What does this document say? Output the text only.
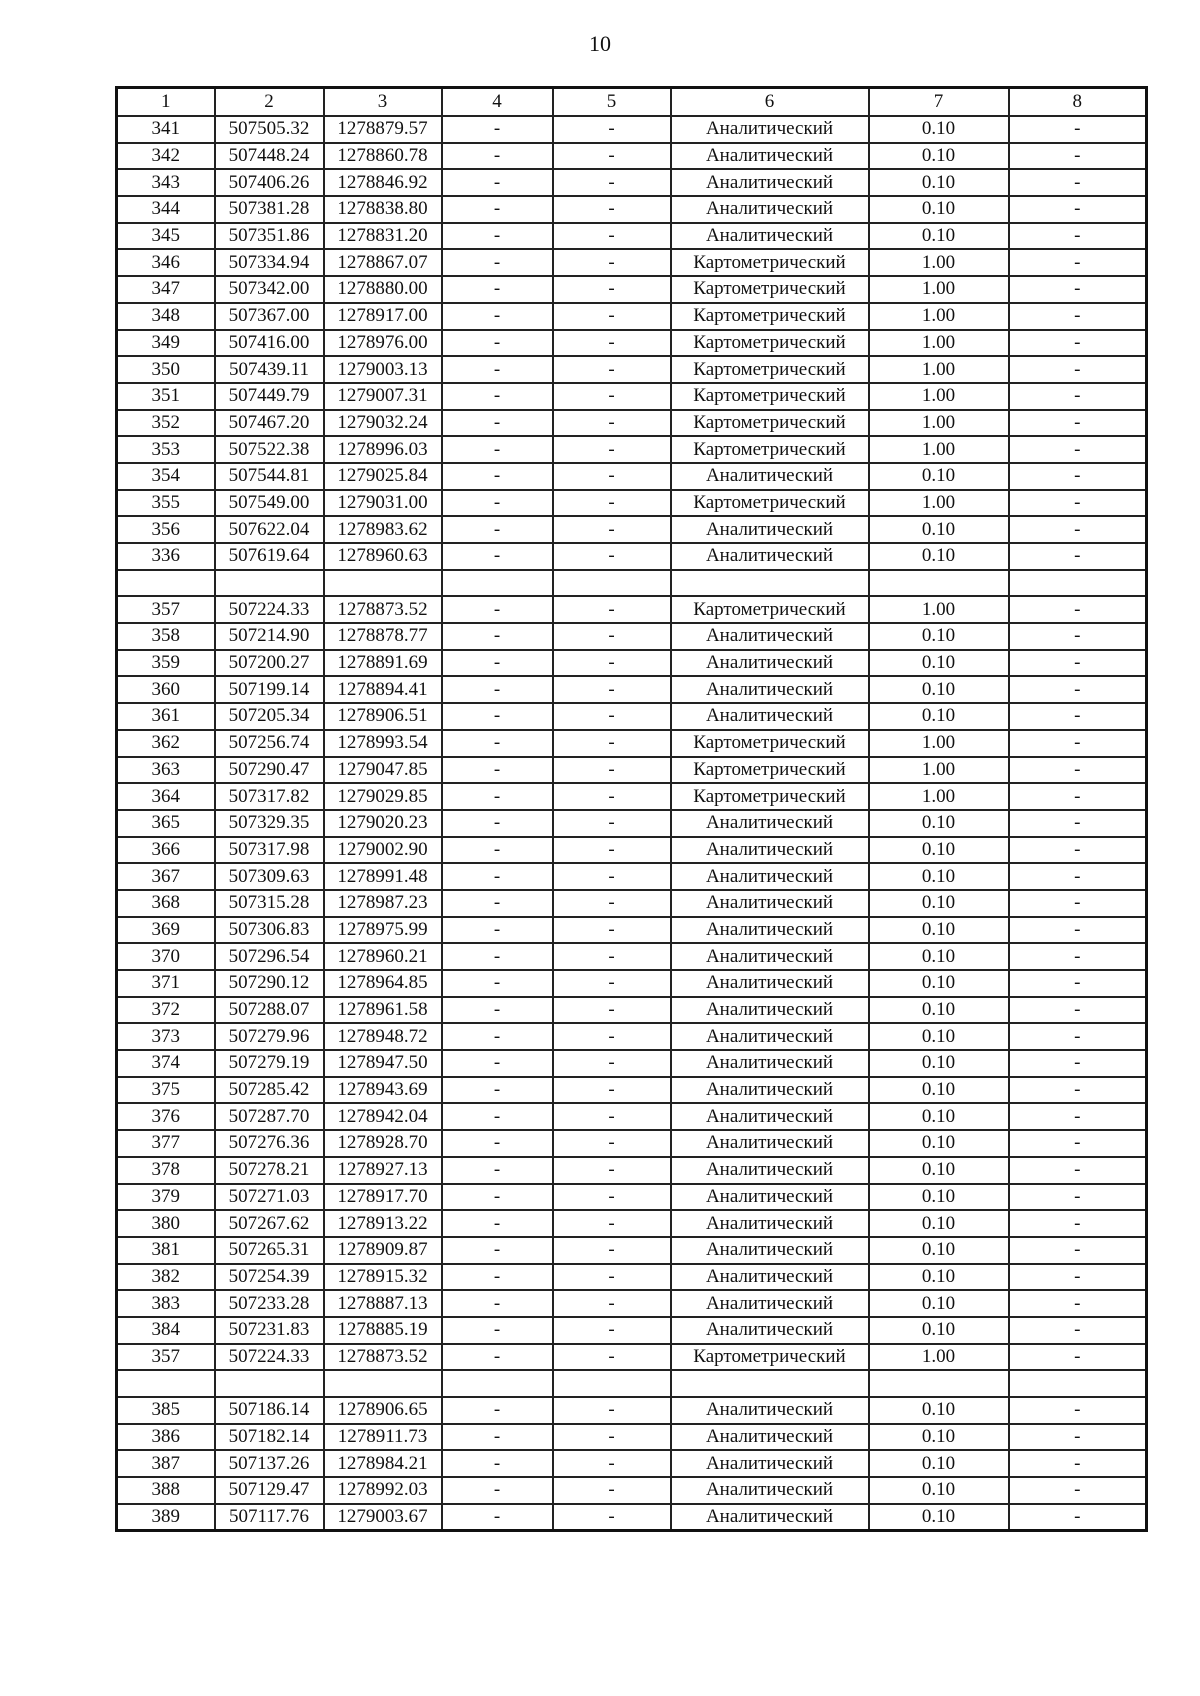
10
1	2	3	4	5	6	7	8
341	507505.32	1278879.57	-	-	Аналитический	0.10	-
342	507448.24	1278860.78	-	-	Аналитический	0.10	-
343	507406.26	1278846.92	-	-	Аналитический	0.10	-
344	507381.28	1278838.80	-	-	Аналитический	0.10	-
345	507351.86	1278831.20	-	-	Аналитический	0.10	-
346	507334.94	1278867.07	-	-	Картометрический	1.00	-
347	507342.00	1278880.00	-	-	Картометрический	1.00	-
348	507367.00	1278917.00	-	-	Картометрический	1.00	-
349	507416.00	1278976.00	-	-	Картометрический	1.00	-
350	507439.11	1279003.13	-	-	Картометрический	1.00	-
351	507449.79	1279007.31	-	-	Картометрический	1.00	-
352	507467.20	1279032.24	-	-	Картометрический	1.00	-
353	507522.38	1278996.03	-	-	Картометрический	1.00	-
354	507544.81	1279025.84	-	-	Аналитический	0.10	-
355	507549.00	1279031.00	-	-	Картометрический	1.00	-
356	507622.04	1278983.62	-	-	Аналитический	0.10	-
336	507619.64	1278960.63	-	-	Аналитический	0.10	-

357	507224.33	1278873.52	-	-	Картометрический	1.00	-
358	507214.90	1278878.77	-	-	Аналитический	0.10	-
359	507200.27	1278891.69	-	-	Аналитический	0.10	-
360	507199.14	1278894.41	-	-	Аналитический	0.10	-
361	507205.34	1278906.51	-	-	Аналитический	0.10	-
362	507256.74	1278993.54	-	-	Картометрический	1.00	-
363	507290.47	1279047.85	-	-	Картометрический	1.00	-
364	507317.82	1279029.85	-	-	Картометрический	1.00	-
365	507329.35	1279020.23	-	-	Аналитический	0.10	-
366	507317.98	1279002.90	-	-	Аналитический	0.10	-
367	507309.63	1278991.48	-	-	Аналитический	0.10	-
368	507315.28	1278987.23	-	-	Аналитический	0.10	-
369	507306.83	1278975.99	-	-	Аналитический	0.10	-
370	507296.54	1278960.21	-	-	Аналитический	0.10	-
371	507290.12	1278964.85	-	-	Аналитический	0.10	-
372	507288.07	1278961.58	-	-	Аналитический	0.10	-
373	507279.96	1278948.72	-	-	Аналитический	0.10	-
374	507279.19	1278947.50	-	-	Аналитический	0.10	-
375	507285.42	1278943.69	-	-	Аналитический	0.10	-
376	507287.70	1278942.04	-	-	Аналитический	0.10	-
377	507276.36	1278928.70	-	-	Аналитический	0.10	-
378	507278.21	1278927.13	-	-	Аналитический	0.10	-
379	507271.03	1278917.70	-	-	Аналитический	0.10	-
380	507267.62	1278913.22	-	-	Аналитический	0.10	-
381	507265.31	1278909.87	-	-	Аналитический	0.10	-
382	507254.39	1278915.32	-	-	Аналитический	0.10	-
383	507233.28	1278887.13	-	-	Аналитический	0.10	-
384	507231.83	1278885.19	-	-	Аналитический	0.10	-
357	507224.33	1278873.52	-	-	Картометрический	1.00	-

385	507186.14	1278906.65	-	-	Аналитический	0.10	-
386	507182.14	1278911.73	-	-	Аналитический	0.10	-
387	507137.26	1278984.21	-	-	Аналитический	0.10	-
388	507129.47	1278992.03	-	-	Аналитический	0.10	-
389	507117.76	1279003.67	-	-	Аналитический	0.10	-
